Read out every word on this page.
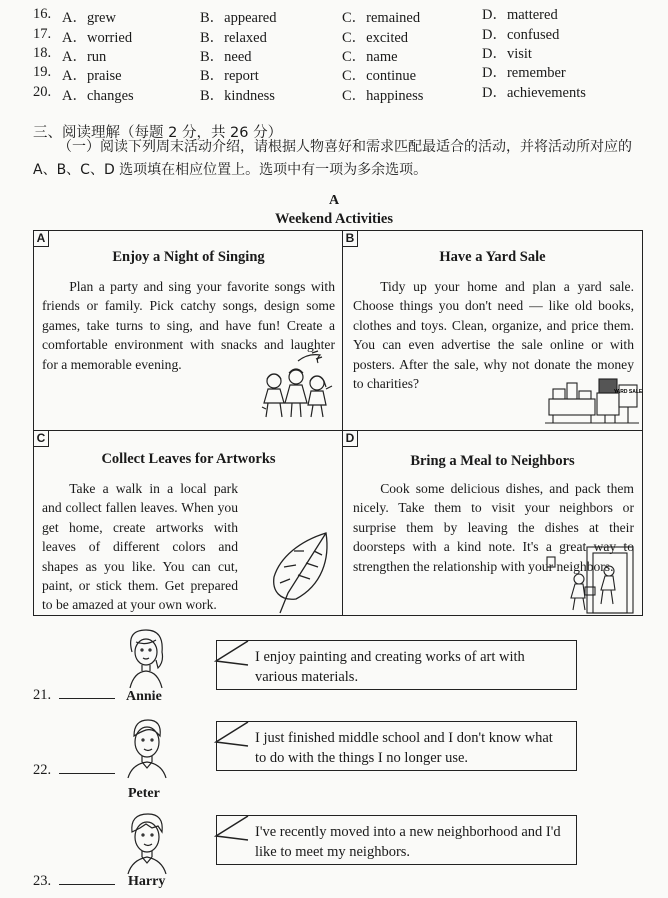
16. A．grew	B．appeared	C．remained	D．mattered
17. A．worried	B．relaxed	C．excited	D．confused
18. A．run	B．need	C．name	D．visit
19. A．praise	B．report	C．continue	D．remember
20. A．changes	B．kindness	C．happiness	D．achievements
三、阅读理解（每题 2 分，共 26 分）
（一）阅读下列周末活动介绍，请根据人物喜好和需求匹配最适合的活动，并将活动所对应的
A、B、C、D 选项填在相应位置上。选项中有一项为多余选项。
A
Weekend Activities
A
Enjoy a Night of Singing
Plan a party and sing your favorite songs with friends or family. Pick catchy songs, design some games, take turns to sing, and have fun! Create a comfortable environment with snacks and laughter for a memorable evening.
B
Have a Yard Sale
Tidy up your home and plan a yard sale. Choose things you don't need — like old books, clothes and toys. Clean, organize, and price them. You can even advertise the sale online or with posters. After the sale, why not donate the money to charities?
YARD SALE
C
Collect Leaves for Artworks
Take a walk in a local park and collect fallen leaves. When you get home, create artworks with leaves of different colors and shapes as you like. You can cut, paint, or stick them. Get prepared to be amazed at your own work.
D
Bring a Meal to Neighbors
Cook some delicious dishes, and pack them nicely. Take them to visit your neighbors or surprise them by leaving the dishes at their doorsteps with a kind note. It's a great way to strengthen the relationship with your neighbors.
I enjoy painting and creating works of art with various materials.
21.	Annie
I just finished middle school and I don't know what to do with the things I no longer use.
22.
Peter
I've recently moved into a new neighborhood and I'd like to meet my neighbors.
23.	Harry
